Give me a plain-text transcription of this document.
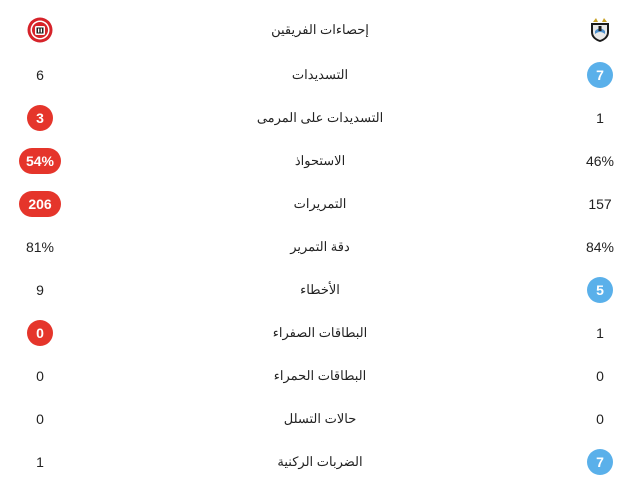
إحصاءات الفريقين
6	التسديدات	7
3	التسديدات على المرمى	1
54%	الاستحواذ	46%
206	التمريرات	157
81%	دقة التمرير	84%
9	الأخطاء	5
0	البطاقات الصفراء	1
0	البطاقات الحمراء	0
0	حالات التسلل	0
1	الضربات الركنية	7
